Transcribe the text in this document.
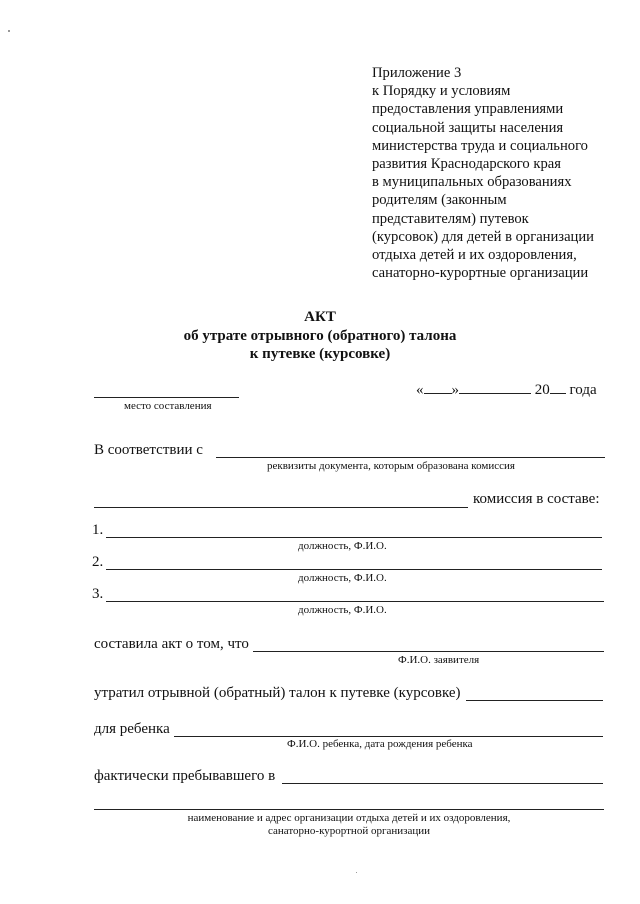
Приложение 3
к Порядку и условиям
предоставления управлениями
социальной защиты населения
министерства труда и социального
развития Краснодарского края
в муниципальных образованиях
родителям (законным
представителям) путевок
(курсовок) для детей в организации
отдыха детей и их оздоровления,
санаторно-курортные организации
АКТ
об утрате отрывного (обратного) талона
к путевке (курсовке)
место составления
« »	20 года
В соответствии с
реквизиты документа, которым образована комиссия
комиссия в составе:
1.
должность, Ф.И.О.
2.
должность, Ф.И.О.
3.
должность, Ф.И.О.
составила акт о том, что
Ф.И.О. заявителя
утратил отрывной (обратный) талон к путевке (курсовке)
для ребенка
Ф.И.О. ребенка, дата рождения ребенка
фактически пребывавшего в
наименование и адрес организации отдыха детей и их оздоровления,
санаторно-курортной организации
